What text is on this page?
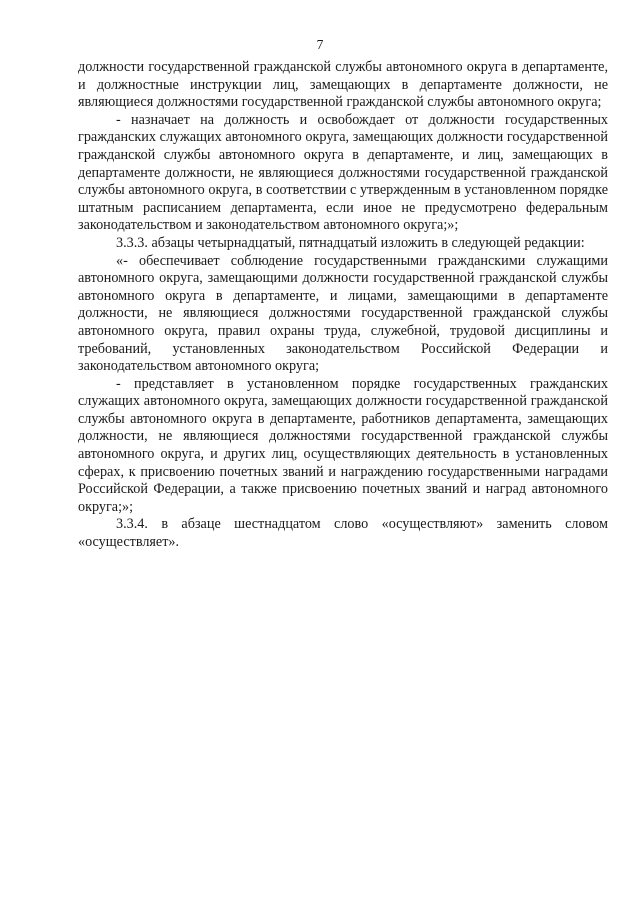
7

должности государственной гражданской службы автономного округа в департаменте, и должностные инструкции лиц, замещающих в департаменте должности, не являющиеся должностями государственной гражданской службы автономного округа;

- назначает на должность и освобождает от должности государственных гражданских служащих автономного округа, замещающих должности государственной гражданской службы автономного округа в департаменте, и лиц, замещающих в департаменте должности, не являющиеся должностями государственной гражданской службы автономного округа, в соответствии с утвержденным в установленном порядке штатным расписанием департамента, если иное не предусмотрено федеральным законодательством и законодательством автономного округа;»;

3.3.3. абзацы четырнадцатый, пятнадцатый изложить в следующей редакции:

«- обеспечивает соблюдение государственными гражданскими служащими автономного округа, замещающими должности государственной гражданской службы автономного округа в департаменте, и лицами, замещающими в департаменте должности, не являющиеся должностями государственной гражданской службы автономного округа, правил охраны труда, служебной, трудовой дисциплины и требований, установленных законодательством Российской Федерации и законодательством автономного округа;

- представляет в установленном порядке государственных гражданских служащих автономного округа, замещающих должности государственной гражданской службы автономного округа в департаменте, работников департамента, замещающих должности, не являющиеся должностями государственной гражданской службы автономного округа, и других лиц, осуществляющих деятельность в установленных сферах, к присвоению почетных званий и награждению государственными наградами Российской Федерации, а также присвоению почетных званий и наград автономного округа;»;

3.3.4. в абзаце шестнадцатом слово «осуществляют» заменить словом «осуществляет».
